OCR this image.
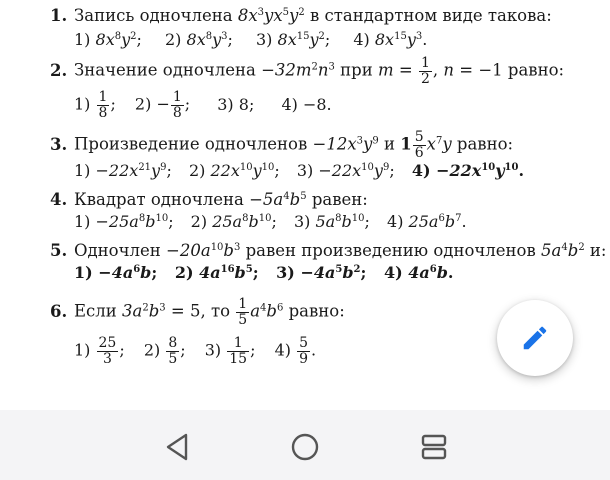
1. Запись одночлена $8x^3yx^5y^2$ в стандартном виде такова:
1) $8x^8y^2$; 2) $8x^8y^3$; 3) $8x^{15}y^2$; 4) $8x^{15}y^3$.
2. Значение одночлена $-32m^2n^3$ при $m = \frac{1}{2}$ , n = −1 равно:
$1) \frac{1}{8}$ ; $2) - \frac{1}{8}$ ; 3) 8; 4) −8.
3. Произведение одночленов $-12x^3y^9$ и $1 \frac{5}{6} x^7y$ равно:
$1) -22x^{21}y^9$; 2) $22x^{10}y^{10}$; $3) -22x^{10}y^9$; $4) -22x^{10}y^{10}$.
4. Квадрат одночлена $-5a^4b^5$ равен:
$1) -25a^8b^{10}$; 2) $25a^8b^{10}$; 3) $5a^8b^{10}$; 4) $25a^6b^7$.
5. Одночлен $-20a^{10}b^3$ равен произведению одночленов $5a^4b^2$ и:
$1) -4a^6b$; 2) $4a^{16}b^5$; $3) -4a^5b^2$; 4) $4a^6b$.
6. Если $3a^2b^3 = 5$, то $\frac{1}{5} a^4b^6$ равно:
$1) \frac{25}{3}$ ; $2) \frac{8}{5}$ ; $3) \frac{1}{15}$ ; $4) \frac{5}{9}$ .
